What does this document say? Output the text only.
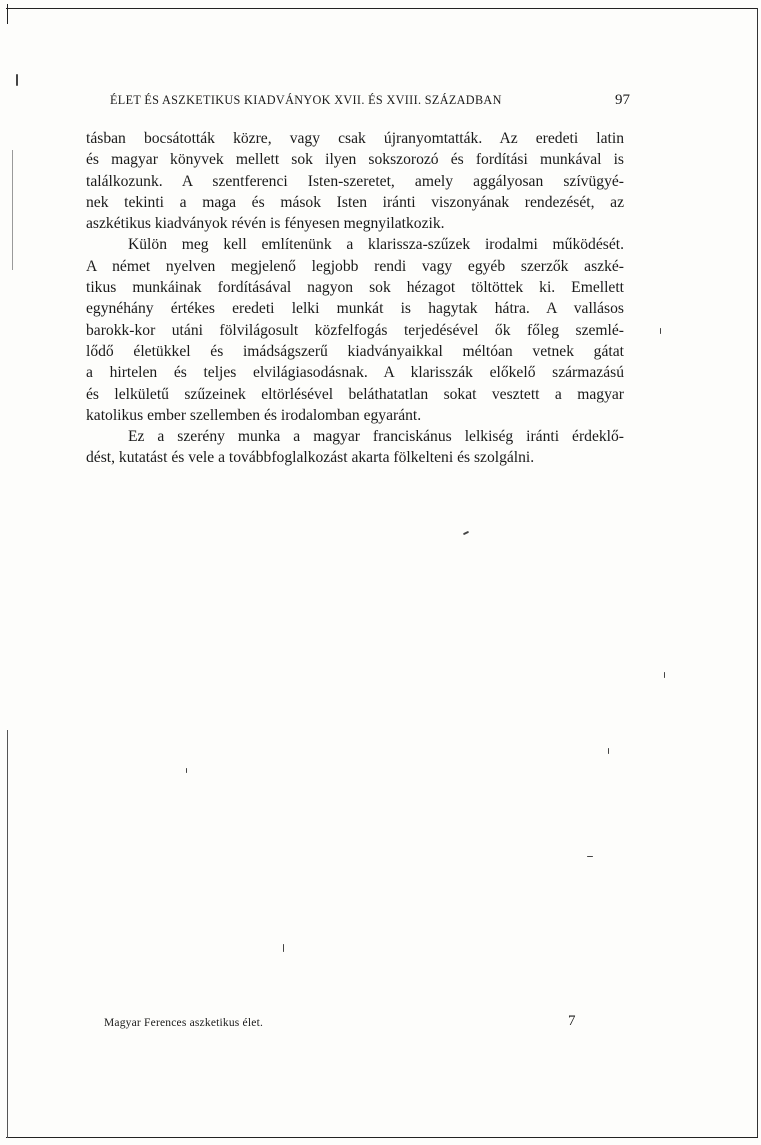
ÉLET ÉS ASZKETIKUS KIADVÁNYOK XVII. ÉS XVIII. SZÁZADBAN	97
tásban bocsátották közre, vagy csak újranyomtatták. Az eredeti latin
és magyar könyvek mellett sok ilyen sokszorozó és fordítási munkával is
találkozunk. A szentferenci Isten-szeretet, amely aggályosan szívügyé-
nek tekinti a maga és mások Isten iránti viszonyának rendezését, az
aszkétikus kiadványok révén is fényesen megnyilatkozik.
Külön meg kell említenünk a klarissza-szűzek irodalmi működését.
A német nyelven megjelenő legjobb rendi vagy egyéb szerzők aszké-
tikus munkáinak fordításával nagyon sok hézagot töltöttek ki. Emellett
egynéhány értékes eredeti lelki munkát is hagytak hátra. A vallásos
barokk-kor utáni fölvilágosult közfelfogás terjedésével ők főleg szemlé-
lődő életükkel és imádságszerű kiadványaikkal méltóan vetnek gátat
a hirtelen és teljes elvilágiasodásnak. A klarisszák előkelő származású
és lelkületű szűzeinek eltörlésével beláthatatlan sokat vesztett a magyar
katolikus ember szellemben és irodalomban egyaránt.
Ez a szerény munka a magyar franciskánus lelkiség iránti érdeklő-
dést, kutatást és vele a továbbfoglalkozást akarta fölkelteni és szolgálni.
Magyar Ferences aszketikus élet.	7
